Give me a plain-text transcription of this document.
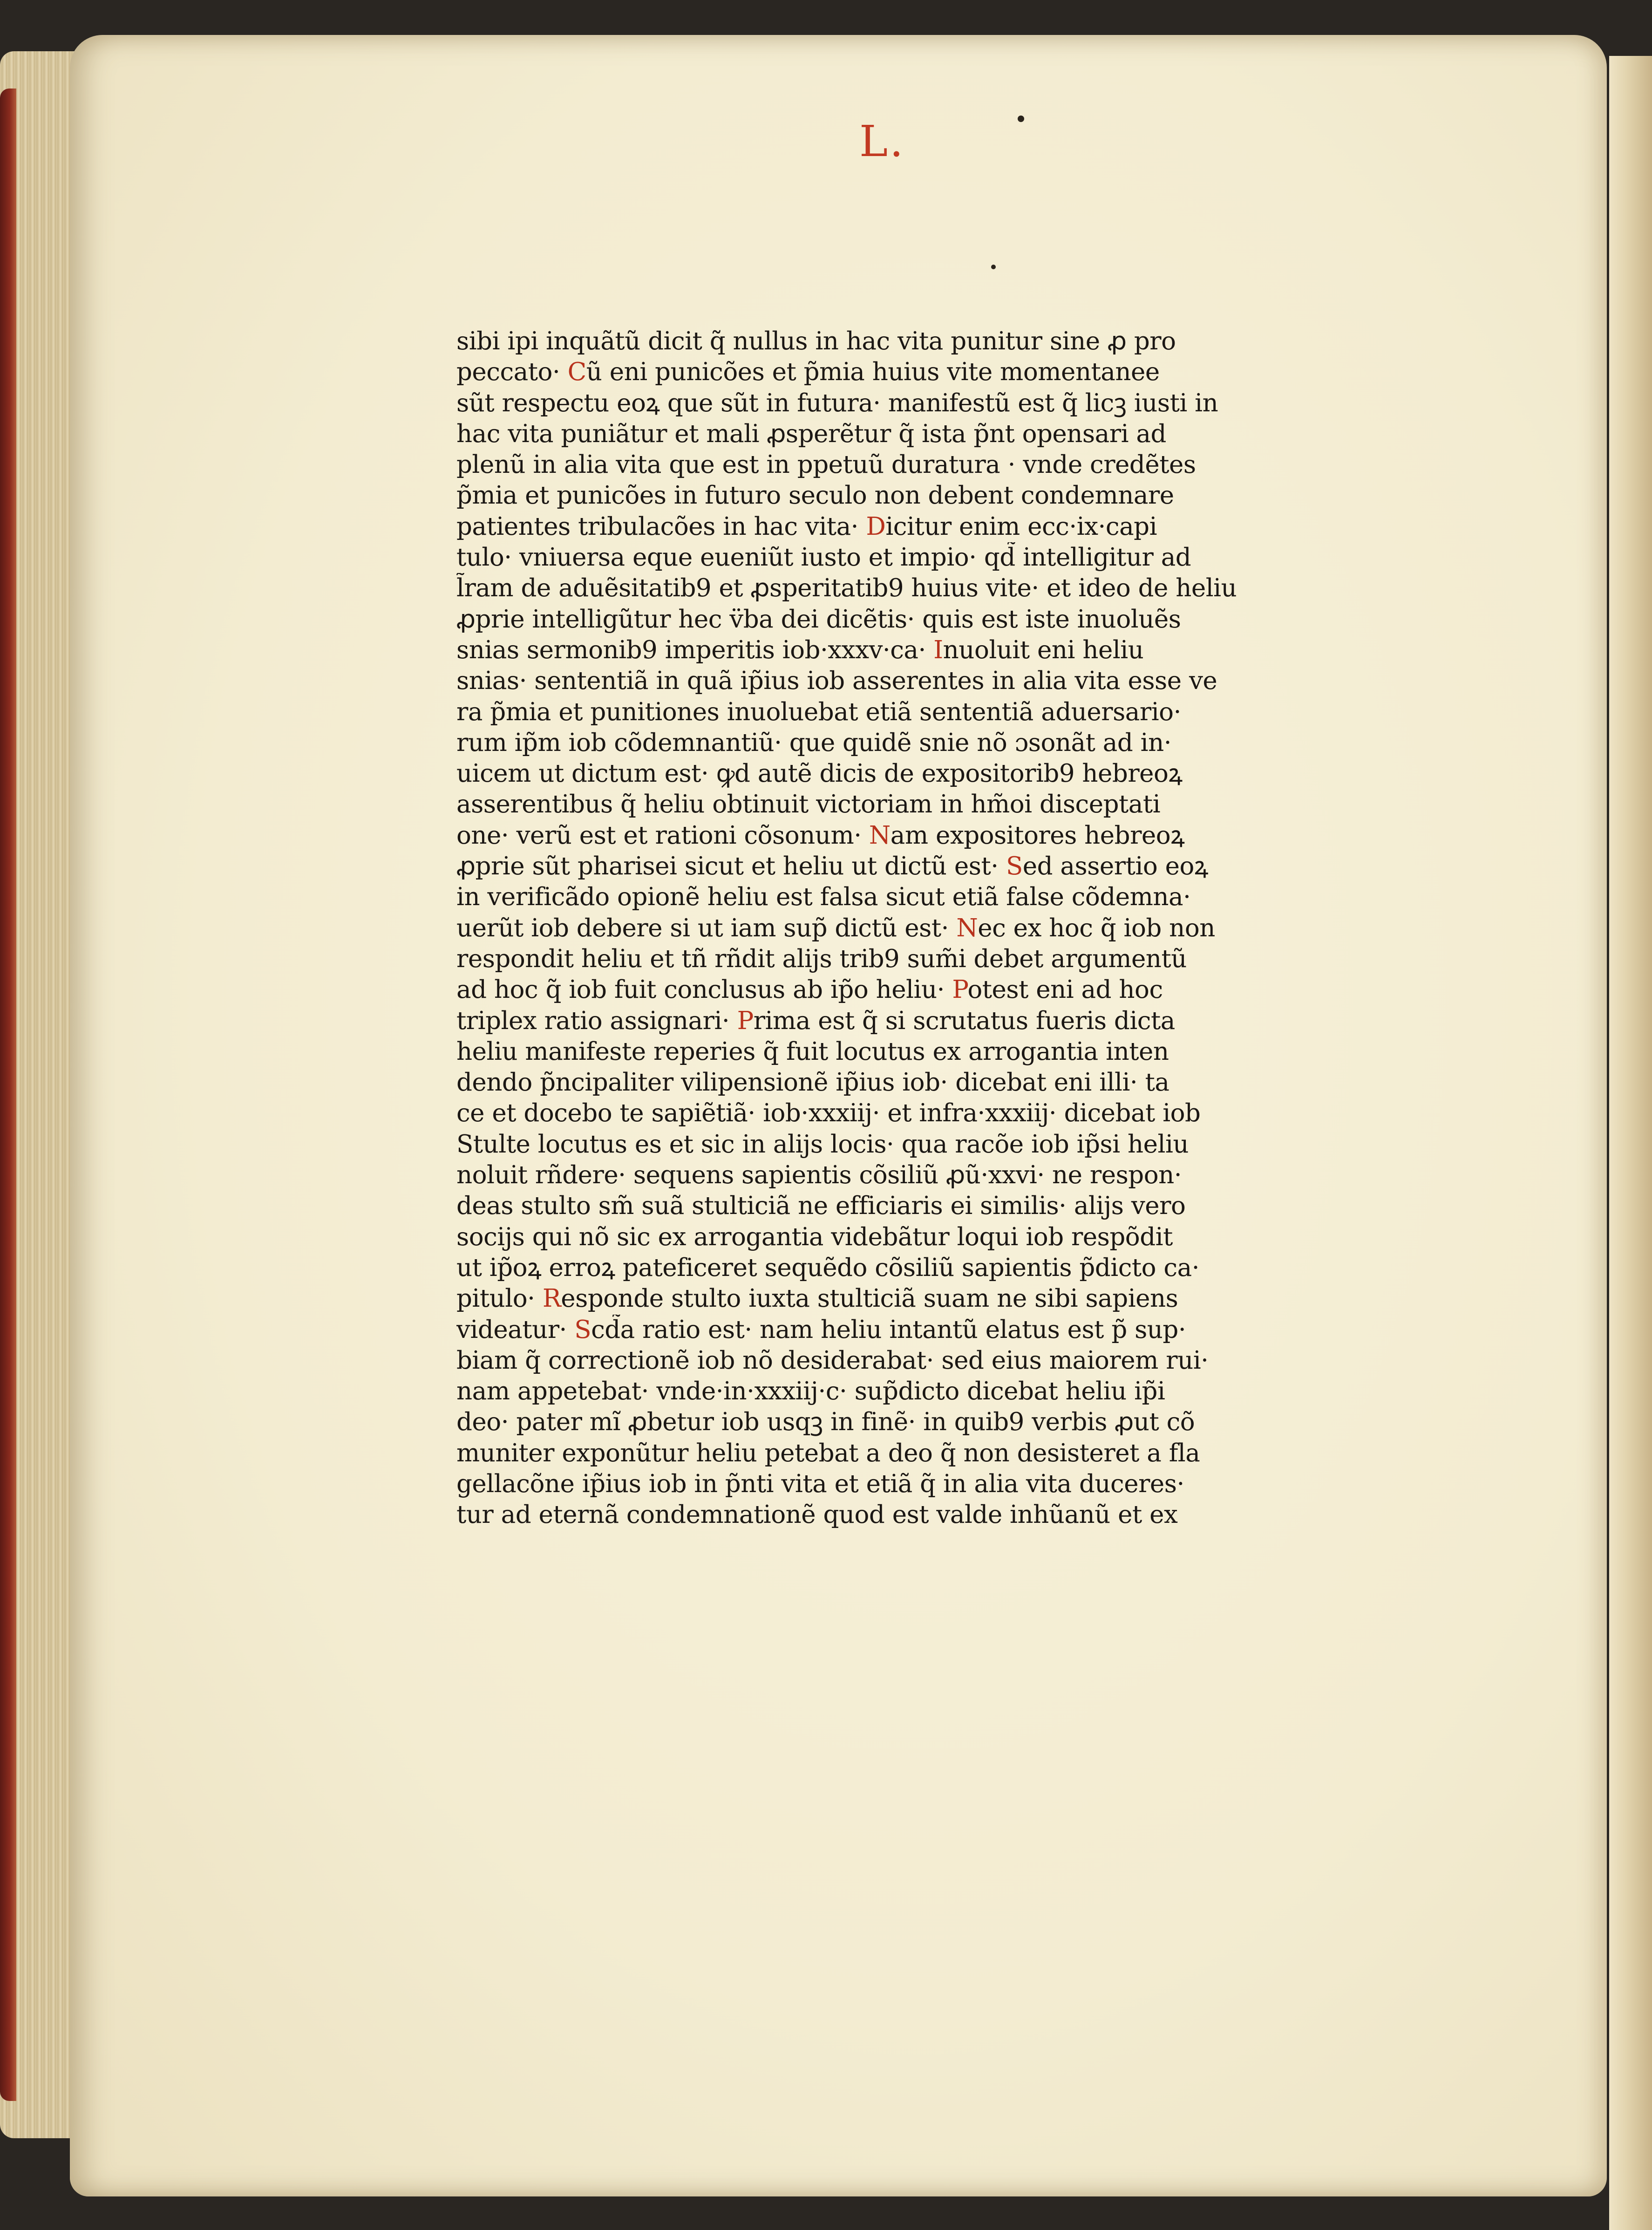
L.
sibi ipi inquãtũ dicit q̃ nullus in hac vita punitur sine ꝓ pro
peccato· Cũ eni punicões et p̃mia huius vite momentanee
sũt respectu eoꝝ que sũt in futura· manifestũ est q̃ licꝫ iusti in
hac vita puniãtur et mali ꝓsperẽtur q̃ ista p̃nt opensari ad
plenũ in alia vita que est in ppetuũ duratura · vnde credẽtes
p̃mia et punicões in futuro seculo non debent condemnare
patientes tribulacões in hac vita· Dicitur enim ecc·ix·capi
tulo· vniuersa eque eueniũt iusto et impio· qd̃ intelligitur ad
l̃ram de aduẽsitatib9 et ꝓsperitatib9 huius vite· et ideo de heliu
ꝓprie intelligũtur hec v̈ba dei dicẽtis· quis est iste inuoluẽs
snias sermonib9 imperitis iob·xxxv·ca· Inuoluit eni heliu
snias· sententiã in quã ip̃ius iob asserentes in alia vita esse ve
ra p̃mia et punitiones inuoluebat etiã sententiã aduersario·
rum ip̃m iob cõdemnantiũ· que quidẽ snie nõ ɔsonãt ad in·
uicem ut dictum est· ꝙd autẽ dicis de expositorib9 hebreoꝝ
asserentibus q̃ heliu obtinuit victoriam in hm̃oi disceptati
one· verũ est et rationi cõsonum· Nam expositores hebreoꝝ
ꝓprie sũt pharisei sicut et heliu ut dictũ est· Sed assertio eoꝝ
in verificãdo opionẽ heliu est falsa sicut etiã false cõdemna·
uerũt iob debere si ut iam sup̃ dictũ est· Nec ex hoc q̃ iob non
respondit heliu et tñ rñdit alijs trib9 sum̃i debet argumentũ
ad hoc q̃ iob fuit conclusus ab ip̃o heliu· Potest eni ad hoc
triplex ratio assignari· Prima est q̃ si scrutatus fueris dicta
heliu manifeste reperies q̃ fuit locutus ex arrogantia inten
dendo p̃ncipaliter vilipensionẽ ip̃ius iob· dicebat eni illi· ta
ce et docebo te sapiẽtiã· iob·xxxiij· et infra·xxxiij· dicebat iob
Stulte locutus es et sic in alijs locis· qua racõe iob ip̃si heliu
noluit rñdere· sequens sapientis cõsiliũ ꝓũ·xxvi· ne respon·
deas stulto sm̃ suã stulticiã ne efficiaris ei similis· alijs vero
socijs qui nõ sic ex arrogantia videbãtur loqui iob respõdit
ut ip̃oꝝ erroꝝ pateficeret sequẽdo cõsiliũ sapientis p̃dicto ca·
pitulo· Responde stulto iuxta stulticiã suam ne sibi sapiens
videatur· Scd̃a ratio est· nam heliu intantũ elatus est p̃ sup·
biam q̃ correctionẽ iob nõ desiderabat· sed eius maiorem rui·
nam appetebat· vnde·in·xxxiij·c· sup̃dicto dicebat heliu ip̃i
deo· pater mĩ ꝓbetur iob usqꝫ in finẽ· in quib9 verbis ꝓut cõ
muniter exponũtur heliu petebat a deo q̃ non desisteret a fla
gellacõne ip̃ius iob in p̃nti vita et etiã q̃ in alia vita duceres·
tur ad eternã condemnationẽ quod est valde inhũanũ et ex
